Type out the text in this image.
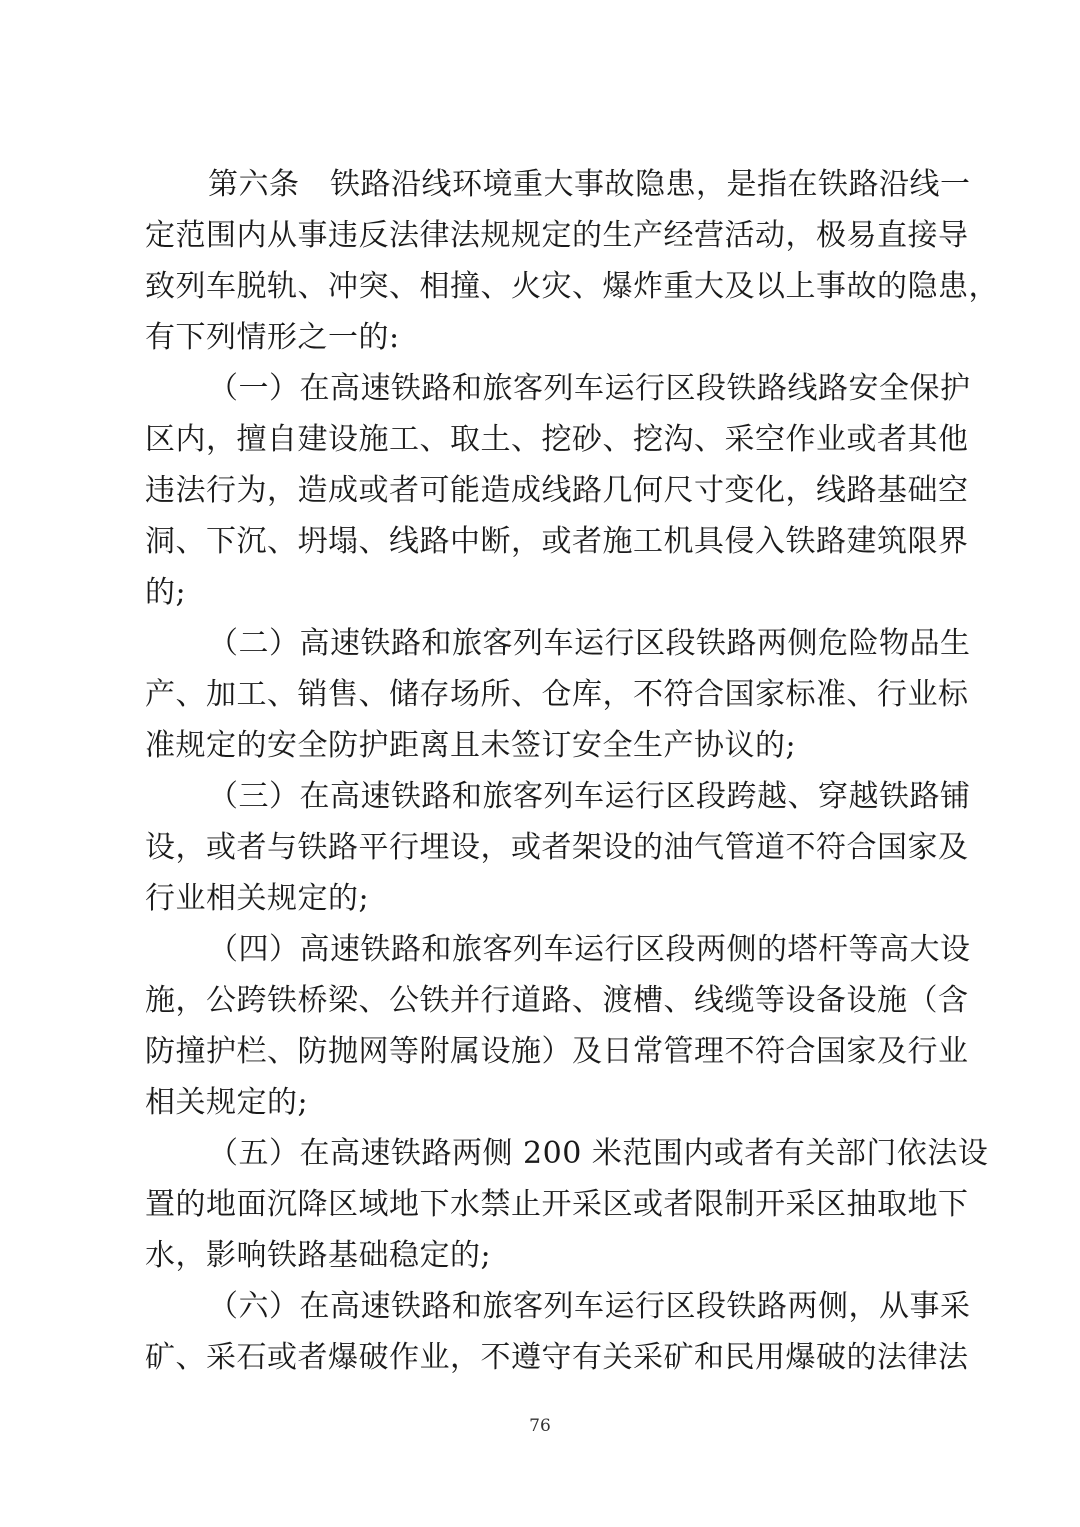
第六条　铁路沿线环境重大事故隐患，是指在铁路沿线一
定范围内从事违反法律法规规定的生产经营活动，极易直接导
致列车脱轨、冲突、相撞、火灾、爆炸重大及以上事故的隐患，
有下列情形之一的:
（一）在高速铁路和旅客列车运行区段铁路线路安全保护
区内，擅自建设施工、取土、挖砂、挖沟、采空作业或者其他
违法行为，造成或者可能造成线路几何尺寸变化，线路基础空
洞、下沉、坍塌、线路中断，或者施工机具侵入铁路建筑限界
的;
（二）高速铁路和旅客列车运行区段铁路两侧危险物品生
产、加工、销售、储存场所、仓库，不符合国家标准、行业标
准规定的安全防护距离且未签订安全生产协议的;
（三）在高速铁路和旅客列车运行区段跨越、穿越铁路铺
设，或者与铁路平行埋设，或者架设的油气管道不符合国家及
行业相关规定的;
（四）高速铁路和旅客列车运行区段两侧的塔杆等高大设
施，公跨铁桥梁、公铁并行道路、渡槽、线缆等设备设施（含
防撞护栏、防抛网等附属设施）及日常管理不符合国家及行业
相关规定的;
（五）在高速铁路两侧 200 米范围内或者有关部门依法设
置的地面沉降区域地下水禁止开采区或者限制开采区抽取地下
水，影响铁路基础稳定的;
（六）在高速铁路和旅客列车运行区段铁路两侧，从事采
矿、采石或者爆破作业，不遵守有关采矿和民用爆破的法律法
76
